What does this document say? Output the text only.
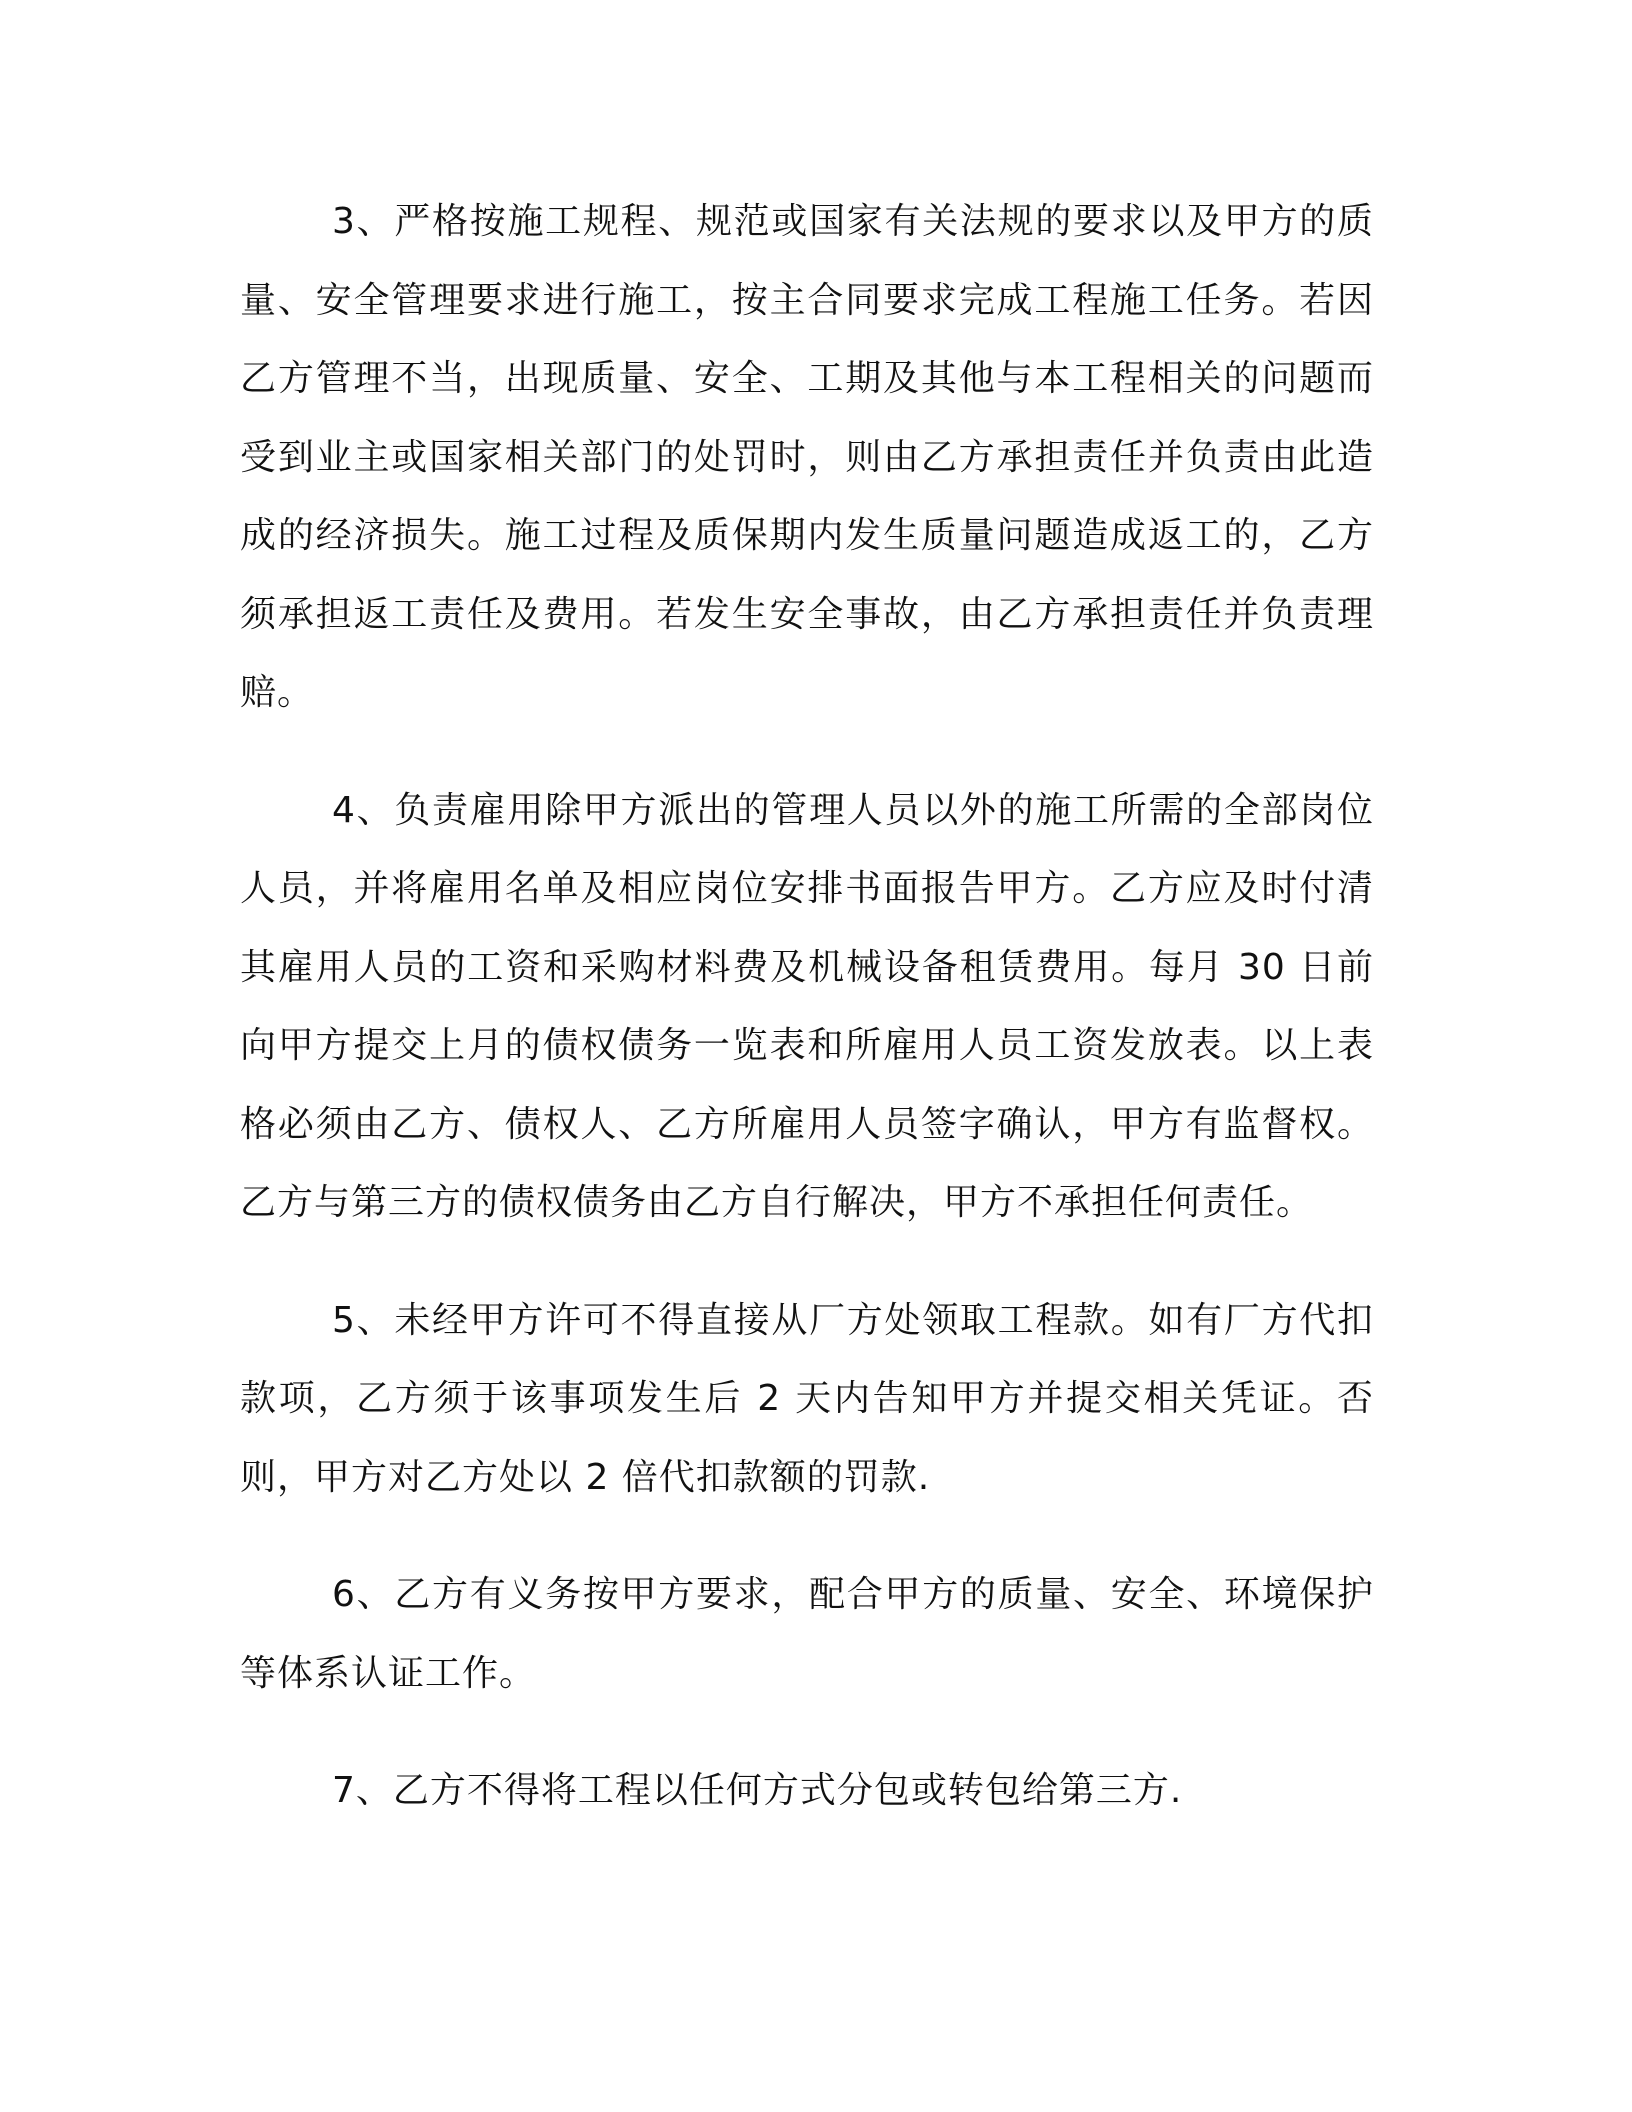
3、严格按施工规程、规范或国家有关法规的要求以及甲方的质量、安全管理要求进行施工，按主合同要求完成工程施工任务。若因乙方管理不当，出现质量、安全、工期及其他与本工程相关的问题而受到业主或国家相关部门的处罚时，则由乙方承担责任并负责由此造成的经济损失。施工过程及质保期内发生质量问题造成返工的，乙方须承担返工责任及费用。若发生安全事故，由乙方承担责任并负责理赔。

4、负责雇用除甲方派出的管理人员以外的施工所需的全部岗位人员，并将雇用名单及相应岗位安排书面报告甲方。乙方应及时付清其雇用人员的工资和采购材料费及机械设备租赁费用。每月 30 日前向甲方提交上月的债权债务一览表和所雇用人员工资发放表。以上表格必须由乙方、债权人、乙方所雇用人员签字确认，甲方有监督权。乙方与第三方的债权债务由乙方自行解决，甲方不承担任何责任。

5、未经甲方许可不得直接从厂方处领取工程款。如有厂方代扣款项，乙方须于该事项发生后 2 天内告知甲方并提交相关凭证。否则，甲方对乙方处以 2 倍代扣款额的罚款.

6、乙方有义务按甲方要求，配合甲方的质量、安全、环境保护等体系认证工作。

7、乙方不得将工程以任何方式分包或转包给第三方.
